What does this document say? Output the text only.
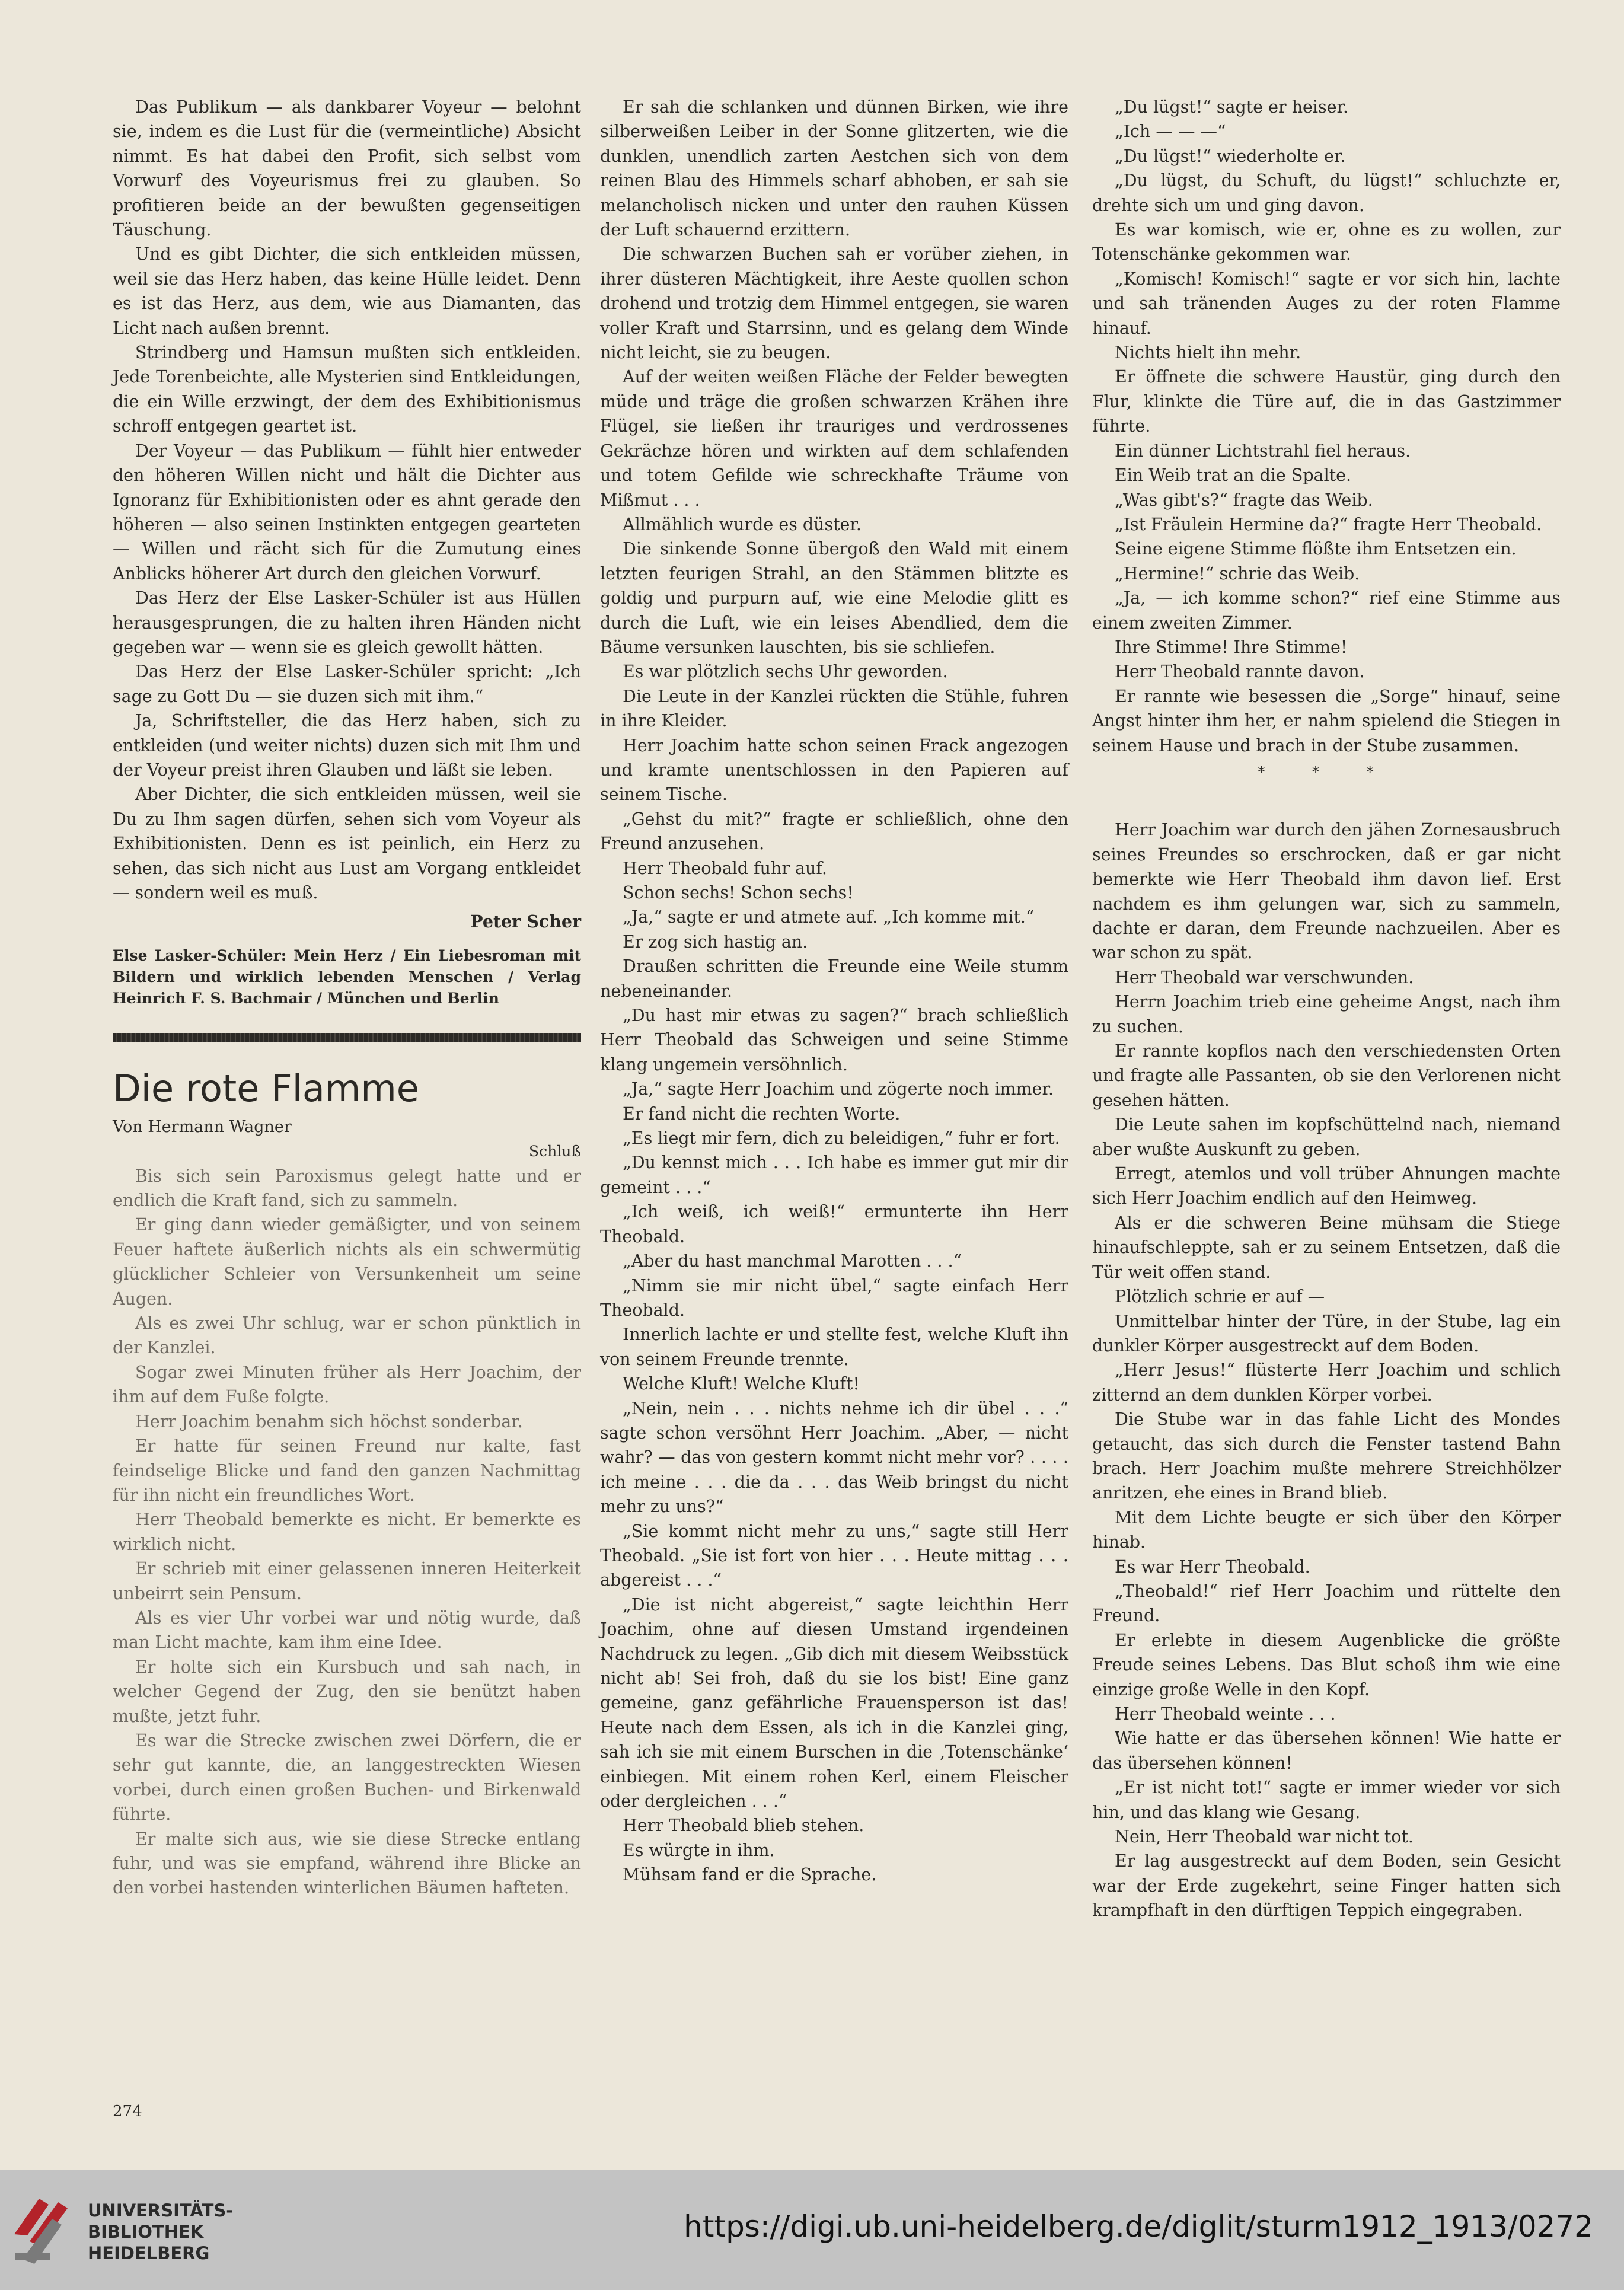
Das Publikum — als dankbarer Voyeur — belohnt sie, indem es die Lust für die (vermeintliche) Absicht nimmt. Es hat dabei den Profit, sich selbst vom Vorwurf des Voyeurismus frei zu glauben. So profitieren beide an der bewußten gegenseitigen Täuschung.

Und es gibt Dichter, die sich entkleiden müssen, weil sie das Herz haben, das keine Hülle leidet. Denn es ist das Herz, aus dem, wie aus Diamanten, das Licht nach außen brennt.

Strindberg und Hamsun mußten sich entkleiden. Jede Torenbeichte, alle Mysterien sind Entkleidungen, die ein Wille erzwingt, der dem des Exhibitionismus schroff entgegen geartet ist.

Der Voyeur — das Publikum — fühlt hier entweder den höheren Willen nicht und hält die Dichter aus Ignoranz für Exhibitionisten oder es ahnt gerade den höheren — also seinen Instinkten entgegen gearteten — Willen und rächt sich für die Zumutung eines Anblicks höherer Art durch den gleichen Vorwurf.

Das Herz der Else Lasker-Schüler ist aus Hüllen herausgesprungen, die zu halten ihren Händen nicht gegeben war — wenn sie es gleich gewollt hätten.

Das Herz der Else Lasker-Schüler spricht: „Ich sage zu Gott Du — sie duzen sich mit ihm.“

Ja, Schriftsteller, die das Herz haben, sich zu entkleiden (und weiter nichts) duzen sich mit Ihm und der Voyeur preist ihren Glauben und läßt sie leben.

Aber Dichter, die sich entkleiden müssen, weil sie Du zu Ihm sagen dürfen, sehen sich vom Voyeur als Exhibitionisten. Denn es ist peinlich, ein Herz zu sehen, das sich nicht aus Lust am Vorgang entkleidet — sondern weil es muß.

Peter Scher

Else Lasker-Schüler: Mein Herz / Ein Liebesroman mit Bildern und wirklich lebenden Menschen / Verlag Heinrich F. S. Bachmair / München und Berlin

Die rote Flamme

Von Hermann Wagner

Schluß

Bis sich sein Paroxismus gelegt hatte und er endlich die Kraft fand, sich zu sammeln.

Er ging dann wieder gemäßigter, und von seinem Feuer haftete äußerlich nichts als ein schwermütig glücklicher Schleier von Versunkenheit um seine Augen.

Als es zwei Uhr schlug, war er schon pünktlich in der Kanzlei.

Sogar zwei Minuten früher als Herr Joachim, der ihm auf dem Fuße folgte.

Herr Joachim benahm sich höchst sonderbar.

Er hatte für seinen Freund nur kalte, fast feindselige Blicke und fand den ganzen Nachmittag für ihn nicht ein freundliches Wort.

Herr Theobald bemerkte es nicht. Er bemerkte es wirklich nicht.

Er schrieb mit einer gelassenen inneren Heiterkeit unbeirrt sein Pensum.

Als es vier Uhr vorbei war und nötig wurde, daß man Licht machte, kam ihm eine Idee.

Er holte sich ein Kursbuch und sah nach, in welcher Gegend der Zug, den sie benützt haben mußte, jetzt fuhr.

Es war die Strecke zwischen zwei Dörfern, die er sehr gut kannte, die, an langgestreckten Wiesen vorbei, durch einen großen Buchen- und Birkenwald führte.

Er malte sich aus, wie sie diese Strecke entlang fuhr, und was sie empfand, während ihre Blicke an den vorbei hastenden winterlichen Bäumen hafteten.

Er sah die schlanken und dünnen Birken, wie ihre silberweißen Leiber in der Sonne glitzerten, wie die dunklen, unendlich zarten Aestchen sich von dem reinen Blau des Himmels scharf abhoben, er sah sie melancholisch nicken und unter den rauhen Küssen der Luft schauernd erzittern.

Die schwarzen Buchen sah er vorüber ziehen, in ihrer düsteren Mächtigkeit, ihre Aeste quollen schon drohend und trotzig dem Himmel entgegen, sie waren voller Kraft und Starrsinn, und es gelang dem Winde nicht leicht, sie zu beugen.

Auf der weiten weißen Fläche der Felder bewegten müde und träge die großen schwarzen Krähen ihre Flügel, sie ließen ihr trauriges und verdrossenes Gekrächze hören und wirkten auf dem schlafenden und totem Gefilde wie schreckhafte Träume von Mißmut . . .

Allmählich wurde es düster.

Die sinkende Sonne übergoß den Wald mit einem letzten feurigen Strahl, an den Stämmen blitzte es goldig und purpurn auf, wie eine Melodie glitt es durch die Luft, wie ein leises Abendlied, dem die Bäume versunken lauschten, bis sie schliefen.

Es war plötzlich sechs Uhr geworden.

Die Leute in der Kanzlei rückten die Stühle, fuhren in ihre Kleider.

Herr Joachim hatte schon seinen Frack angezogen und kramte unentschlossen in den Papieren auf seinem Tische.

„Gehst du mit?“ fragte er schließlich, ohne den Freund anzusehen.

Herr Theobald fuhr auf.

Schon sechs! Schon sechs!

„Ja,“ sagte er und atmete auf. „Ich komme mit.“

Er zog sich hastig an.

Draußen schritten die Freunde eine Weile stumm nebeneinander.

„Du hast mir etwas zu sagen?“ brach schließlich Herr Theobald das Schweigen und seine Stimme klang ungemein versöhnlich.

„Ja,“ sagte Herr Joachim und zögerte noch immer.

Er fand nicht die rechten Worte.

„Es liegt mir fern, dich zu beleidigen,“ fuhr er fort.

„Du kennst mich . . . Ich habe es immer gut mir dir gemeint . . .“

„Ich weiß, ich weiß!“ ermunterte ihn Herr Theobald.

„Aber du hast manchmal Marotten . . .“

„Nimm sie mir nicht übel,“ sagte einfach Herr Theobald.

Innerlich lachte er und stellte fest, welche Kluft ihn von seinem Freunde trennte.

Welche Kluft! Welche Kluft!

„Nein, nein . . . nichts nehme ich dir übel . . .“ sagte schon versöhnt Herr Joachim. „Aber, — nicht wahr? — das von gestern kommt nicht mehr vor? . . . . ich meine . . . die da . . . das Weib bringst du nicht mehr zu uns?“

„Sie kommt nicht mehr zu uns,“ sagte still Herr Theobald. „Sie ist fort von hier . . . Heute mittag . . . abgereist . . .“

„Die ist nicht abgereist,“ sagte leichthin Herr Joachim, ohne auf diesen Umstand irgendeinen Nachdruck zu legen. „Gib dich mit diesem Weibsstück nicht ab! Sei froh, daß du sie los bist! Eine ganz gemeine, ganz gefährliche Frauensperson ist das! Heute nach dem Essen, als ich in die Kanzlei ging, sah ich sie mit einem Burschen in die ‚Totenschänke‘ einbiegen. Mit einem rohen Kerl, einem Fleischer oder dergleichen . . .“

Herr Theobald blieb stehen.

Es würgte in ihm.

Mühsam fand er die Sprache.

„Du lügst!“ sagte er heiser.

„Ich — — —“

„Du lügst!“ wiederholte er.

„Du lügst, du Schuft, du lügst!“ schluchzte er, drehte sich um und ging davon.

Es war komisch, wie er, ohne es zu wollen, zur Totenschänke gekommen war.

„Komisch! Komisch!“ sagte er vor sich hin, lachte und sah tränenden Auges zu der roten Flamme hinauf.

Nichts hielt ihn mehr.

Er öffnete die schwere Haustür, ging durch den Flur, klinkte die Türe auf, die in das Gastzimmer führte.

Ein dünner Lichtstrahl fiel heraus.

Ein Weib trat an die Spalte.

„Was gibt's?“ fragte das Weib.

„Ist Fräulein Hermine da?“ fragte Herr Theobald.

Seine eigene Stimme flößte ihm Entsetzen ein.

„Hermine!“ schrie das Weib.

„Ja, — ich komme schon?“ rief eine Stimme aus einem zweiten Zimmer.

Ihre Stimme! Ihre Stimme!

Herr Theobald rannte davon.

Er rannte wie besessen die „Sorge“ hinauf, seine Angst hinter ihm her, er nahm spielend die Stiegen in seinem Hause und brach in der Stube zusammen.

* * *

Herr Joachim war durch den jähen Zornesausbruch seines Freundes so erschrocken, daß er gar nicht bemerkte wie Herr Theobald ihm davon lief. Erst nachdem es ihm gelungen war, sich zu sammeln, dachte er daran, dem Freunde nachzueilen. Aber es war schon zu spät.

Herr Theobald war verschwunden.

Herrn Joachim trieb eine geheime Angst, nach ihm zu suchen.

Er rannte kopflos nach den verschiedensten Orten und fragte alle Passanten, ob sie den Verlorenen nicht gesehen hätten.

Die Leute sahen im kopfschüttelnd nach, niemand aber wußte Auskunft zu geben.

Erregt, atemlos und voll trüber Ahnungen machte sich Herr Joachim endlich auf den Heimweg.

Als er die schweren Beine mühsam die Stiege hinaufschleppte, sah er zu seinem Entsetzen, daß die Tür weit offen stand.

Plötzlich schrie er auf —

Unmittelbar hinter der Türe, in der Stube, lag ein dunkler Körper ausgestreckt auf dem Boden.

„Herr Jesus!“ flüsterte Herr Joachim und schlich zitternd an dem dunklen Körper vorbei.

Die Stube war in das fahle Licht des Mondes getaucht, das sich durch die Fenster tastend Bahn brach. Herr Joachim mußte mehrere Streichhölzer anritzen, ehe eines in Brand blieb.

Mit dem Lichte beugte er sich über den Körper hinab.

Es war Herr Theobald.

„Theobald!“ rief Herr Joachim und rüttelte den Freund.

Er erlebte in diesem Augenblicke die größte Freude seines Lebens. Das Blut schoß ihm wie eine einzige große Welle in den Kopf.

Herr Theobald weinte . . .

Wie hatte er das übersehen können! Wie hatte er das übersehen können!

„Er ist nicht tot!“ sagte er immer wieder vor sich hin, und das klang wie Gesang.

Nein, Herr Theobald war nicht tot.

Er lag ausgestreckt auf dem Boden, sein Gesicht war der Erde zugekehrt, seine Finger hatten sich krampfhaft in den dürftigen Teppich eingegraben.

274
UNIVERSITÄTS-
BIBLIOTHEK
HEIDELBERG
https://digi.ub.uni-heidelberg.de/diglit/sturm1912_1913/0272
